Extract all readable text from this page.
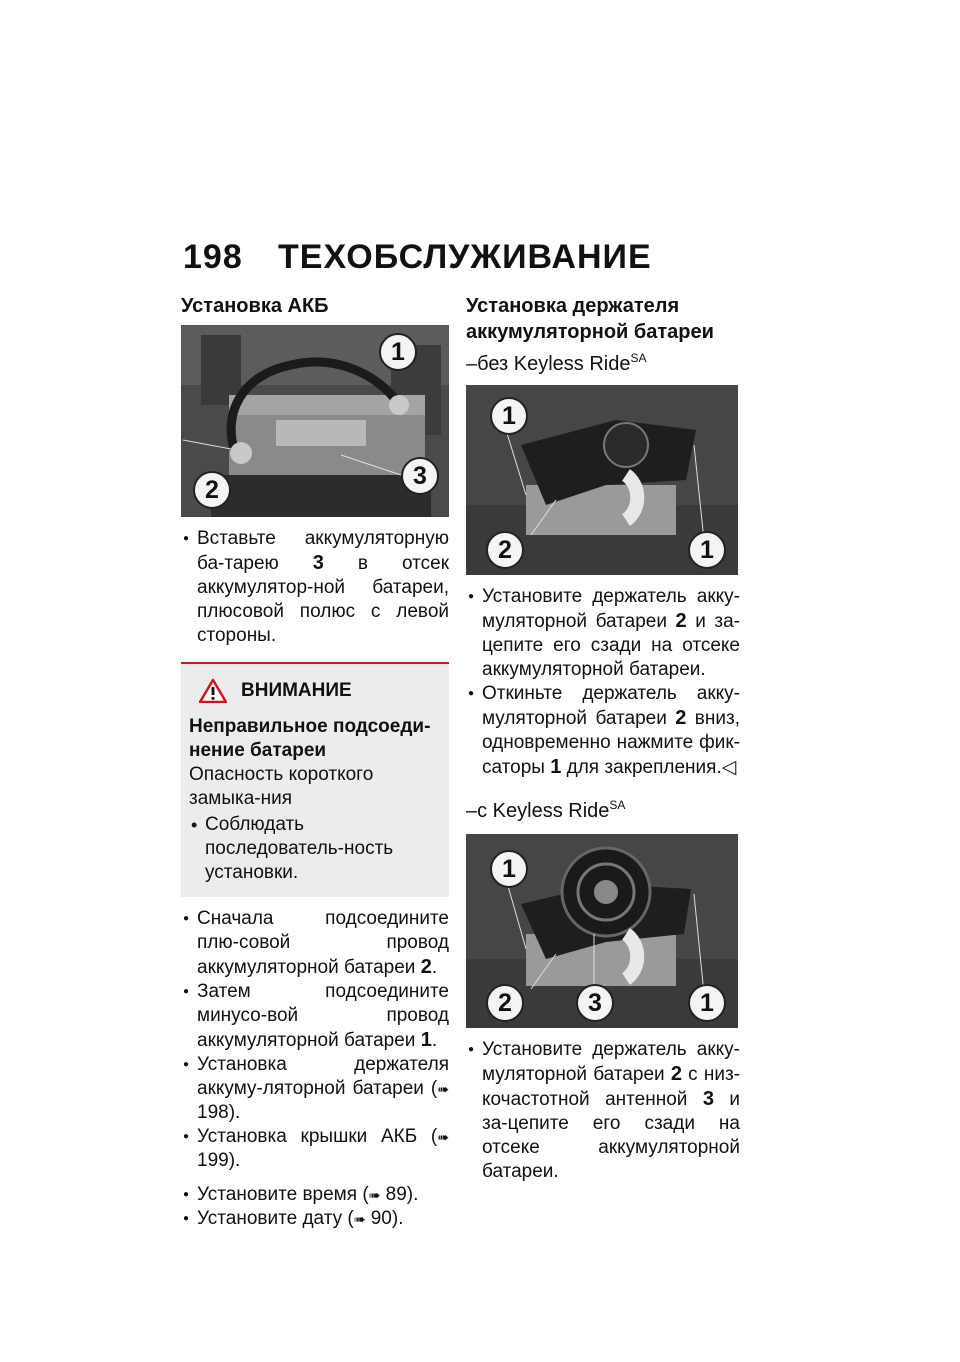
198	ТЕХОБСЛУЖИВАНИЕ
Установка АКБ
1
2	3
● Вставьте аккумуляторную ба-тарею 3 в отсек аккумулятор-ной батареи, плюсовой полюс с левой стороны.
ВНИМАНИЕ

Неправильное подсоеди-нение батареи

Опасность короткого замыка-ния

• Соблюдать последователь-ность установки.
● Сначала подсоедините плю-совой провод аккумуляторной батареи 2.
● Затем подсоедините минусо-вой провод аккумуляторной батареи 1.
● Установка держателя аккуму-ляторной батареи (➠ 198).
● Установка крышки АКБ (➠ 199).
● Установите время (➠ 89).
● Установите дату (➠ 90).
Установка держателя аккумуляторной батареи

–без Keyless Ride$^{SA}$

1
2	1
● Установите держатель акку-муляторной батареи 2 и за-цепите его сзади на отсеке аккумуляторной батареи.
● Откиньте держатель акку-муляторной батареи 2 вниз, одновременно нажмите фик-саторы 1 для закрепления.◁

–с Keyless Ride$^{SA}$

1
2	3	1
● Установите держатель акку-муляторной батареи 2 с низ-кочастотной антенной 3 и за-цепите его сзади на отсеке аккумуляторной батареи.
